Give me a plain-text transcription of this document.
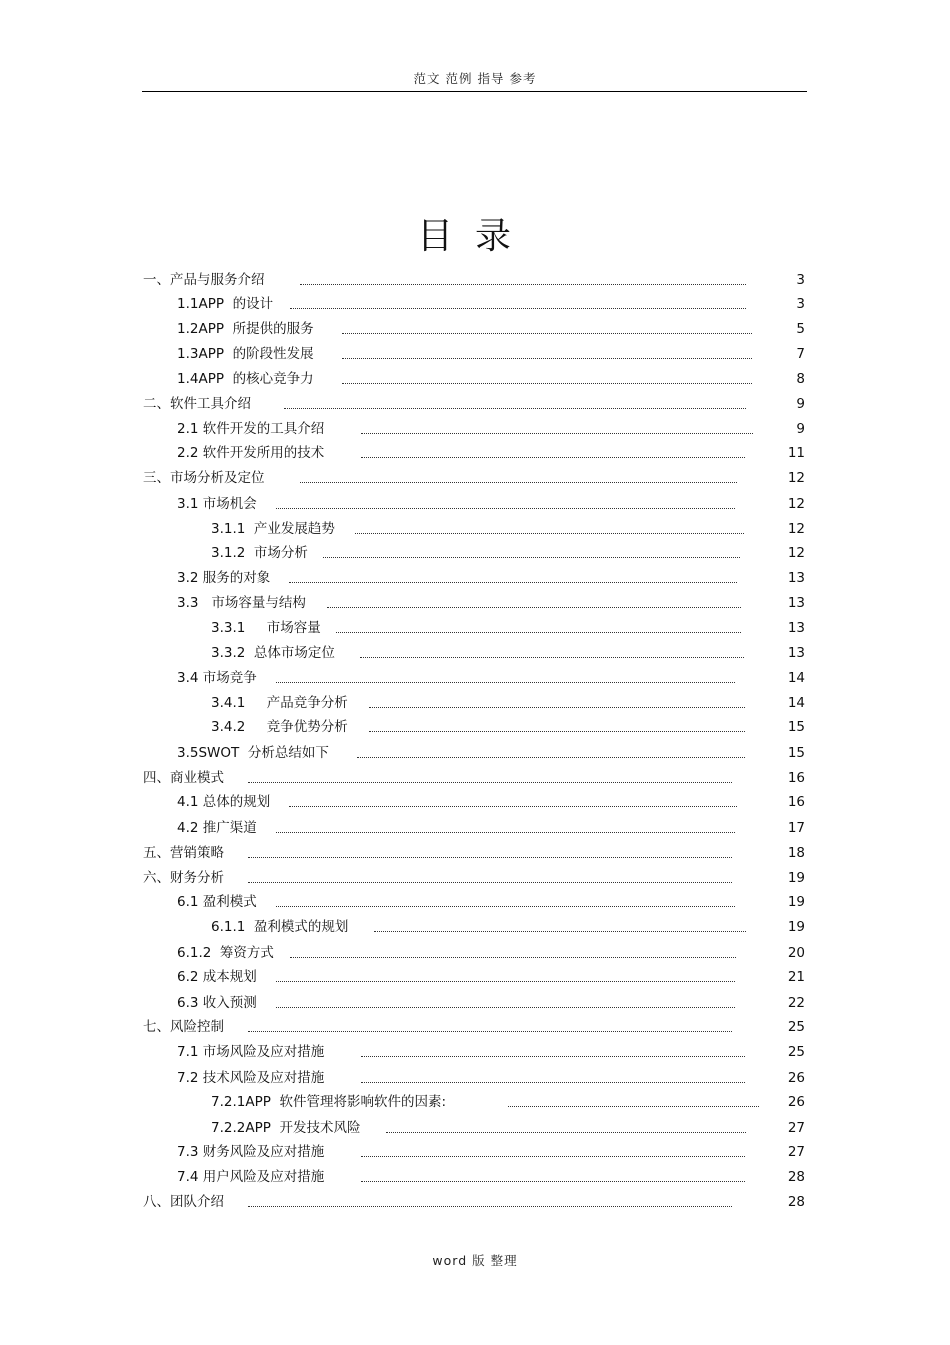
范文 范例 指导 参考
目录
一、产品与服务介绍	3
1.1APP  的设计	3
1.2APP  所提供的服务	5
1.3APP  的阶段性发展	7
1.4APP  的核心竞争力	8
二、软件工具介绍	9
2.1 软件开发的工具介绍	9
2.2 软件开发所用的技术	11
三、市场分析及定位	12
3.1 市场机会	12
3.1.1  产业发展趋势	12
3.1.2  市场分析	12
3.2 服务的对象	13
3.3   市场容量与结构	13
3.3.1     市场容量	13
3.3.2  总体市场定位	13
3.4 市场竞争	14
3.4.1     产品竞争分析	14
3.4.2     竞争优势分析	15
3.5SWOT  分析总结如下	15
四、商业模式	16
4.1 总体的规划	16
4.2 推广渠道	17
五、营销策略	18
六、财务分析	19
6.1 盈利模式	19
6.1.1  盈利模式的规划	19
6.1.2  筹资方式	20
6.2 成本规划	21
6.3 收入预测	22
七、风险控制	25
7.1 市场风险及应对措施	25
7.2 技术风险及应对措施	26
7.2.1APP  软件管理将影响软件的因素:	26
7.2.2APP  开发技术风险	27
7.3 财务风险及应对措施	27
7.4 用户风险及应对措施	28
八、团队介绍	28
word 版 整理
